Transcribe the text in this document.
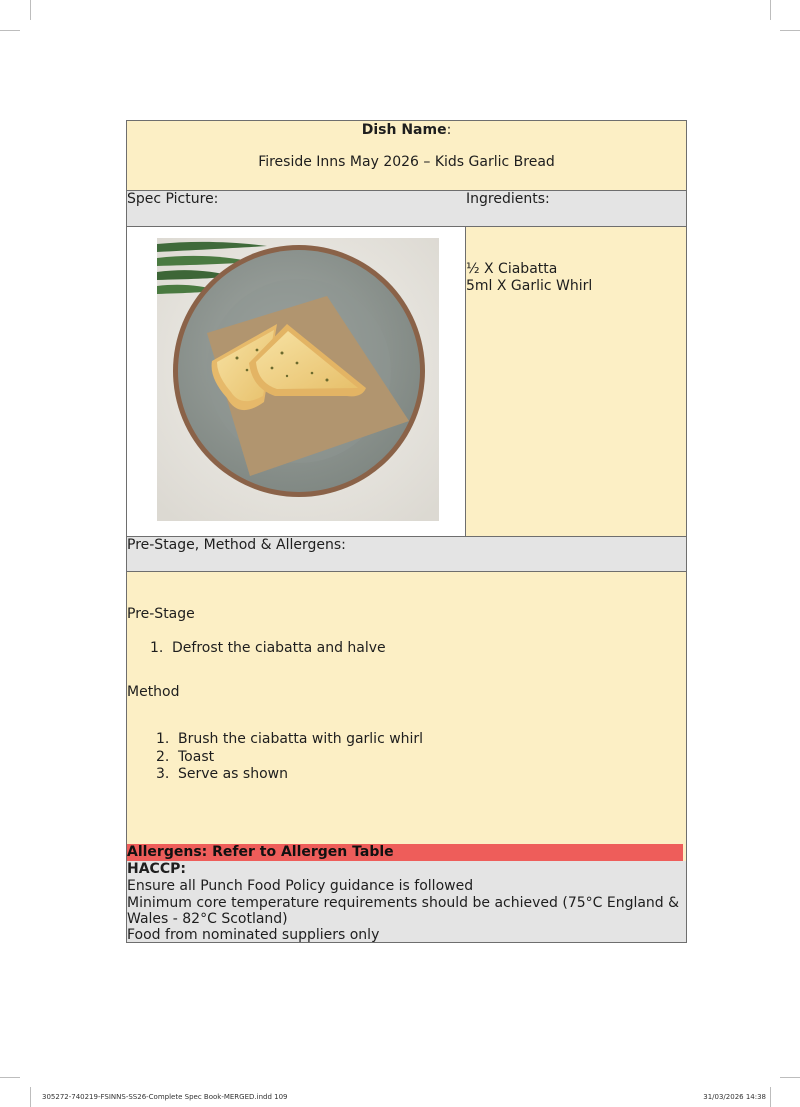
Dish Name:
Fireside Inns May 2026 – Kids Garlic Bread
Spec Picture:	Ingredients:
½ X Ciabatta
5ml X Garlic Whirl
Pre-Stage, Method & Allergens:
Pre-Stage
1. Defrost the ciabatta and halve
Method
1. Brush the ciabatta with garlic whirl
2. Toast
3. Serve as shown
Allergens: Refer to Allergen Table
HACCP:
Ensure all Punch Food Policy guidance is followed
Minimum core temperature requirements should be achieved (75°C England &
Wales - 82°C Scotland)
Food from nominated suppliers only
305272-740219-FSINNS-SS26-Complete Spec Book-MERGED.indd 109	31/03/2026 14:38
